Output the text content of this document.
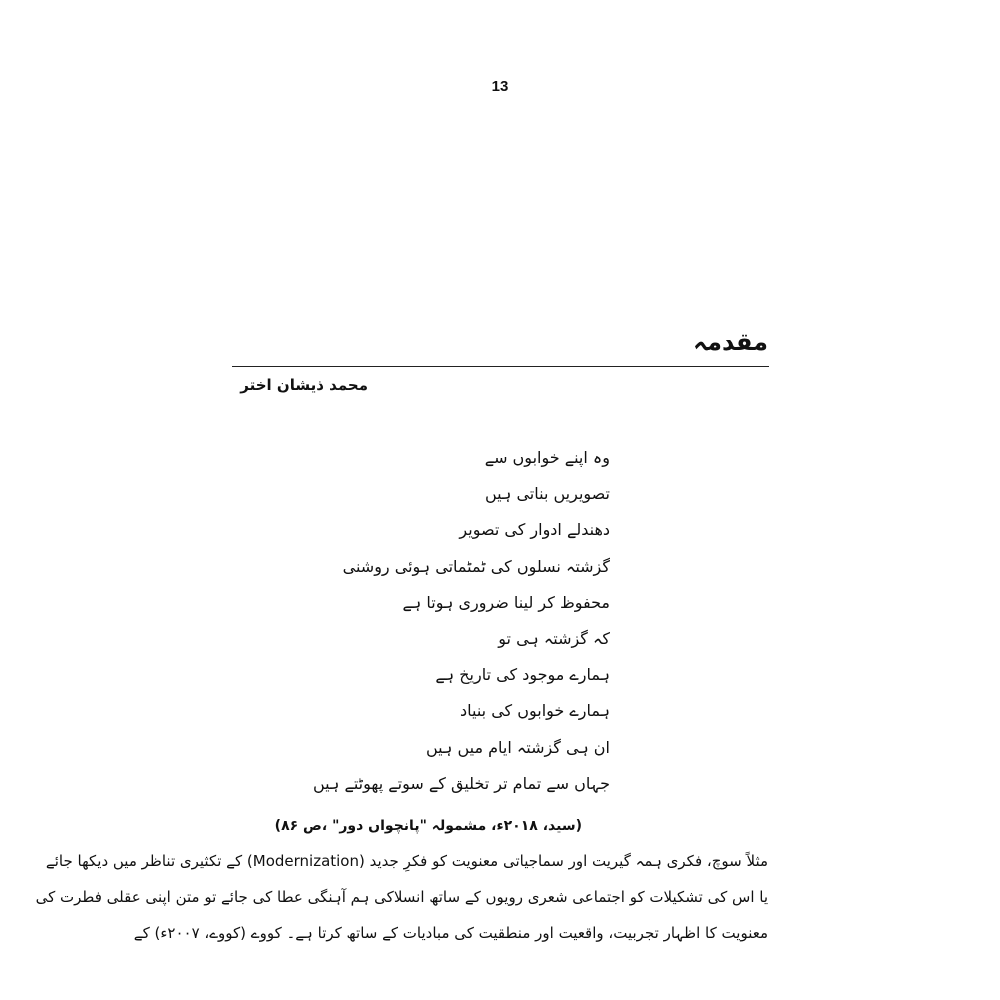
13
مقدمہ
محمد ذیشان اختر
وہ اپنے خوابوں سے
تصویریں بناتی ہیں
دھندلے ادوار کی تصویر
گزشتہ نسلوں کی ٹمٹماتی ہوئی روشنی
محفوظ کر لینا ضروری ہوتا ہے
کہ گزشتہ ہی تو
ہمارے موجود کی تاریخ ہے
ہمارے خوابوں کی بنیاد
ان ہی گزشتہ ایام میں ہیں
جہاں سے تمام تر تخلیق کے سوتے پھوٹتے ہیں
(سید، ۲۰۱۸ء، مشمولہ "پانچواں دور" ،ص ۸۶)
مثلاً سوچ، فکری ہمہ گیریت اور سماجیاتی معنویت کو فکرِ جدید (Modernization) کے تکثیری تناظر میں دیکھا جائے
یا اس کی تشکیلات کو اجتماعی شعری رویوں کے ساتھ انسلاکی ہم آہنگی عطا کی جائے تو متن اپنی عقلی فطرت کی
معنویت کا اظہار تجربیت، واقعیت اور منطقیت کی مبادیات کے ساتھ کرتا ہے۔ کووے (کووے، ۲۰۰۷ء) کے
